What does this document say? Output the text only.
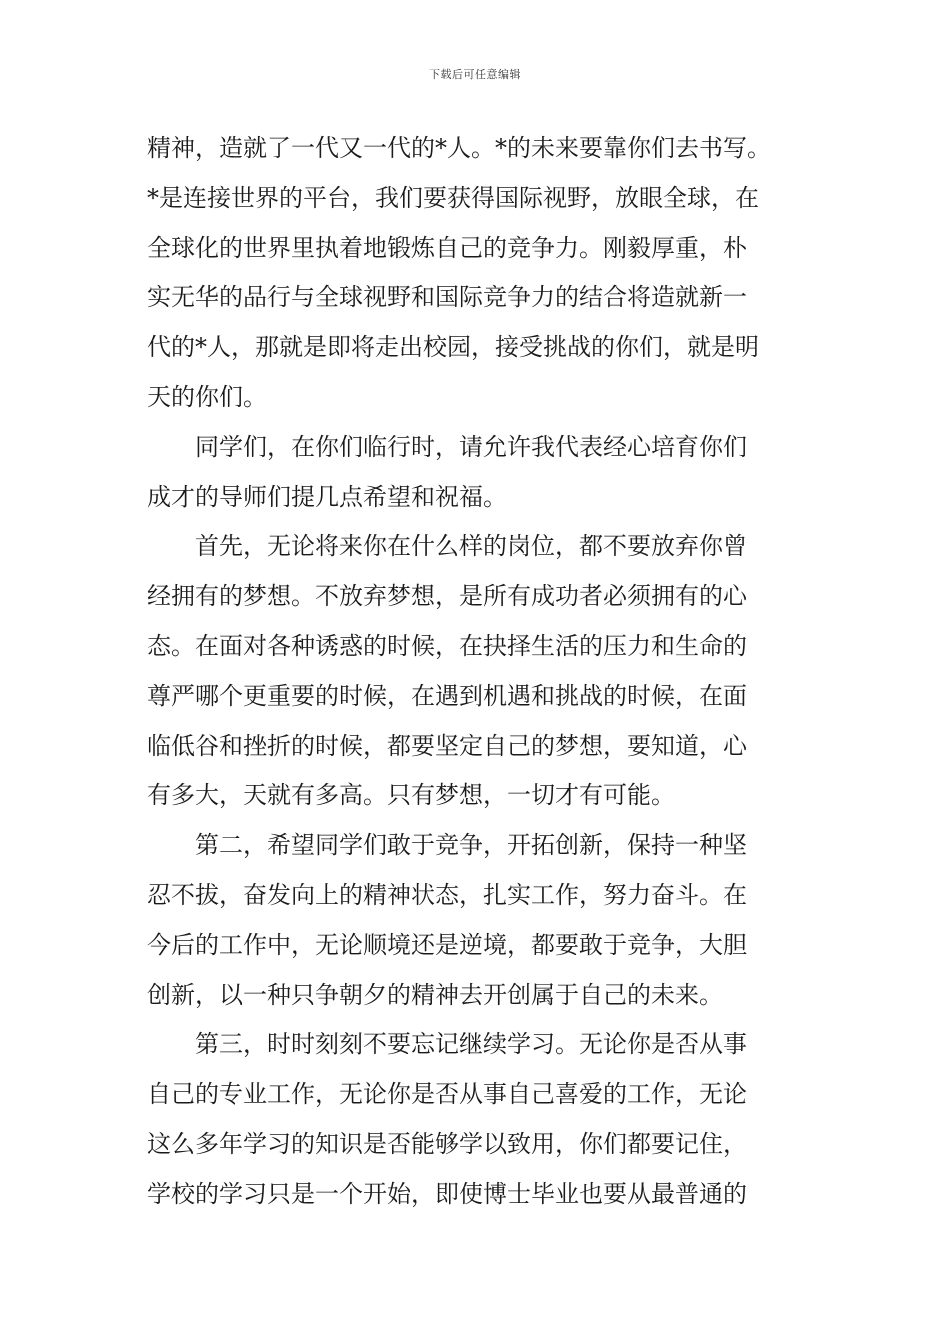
下载后可任意编辑
精神，造就了一代又一代的*人。*的未来要靠你们去书写。
*是连接世界的平台，我们要获得国际视野，放眼全球，在
全球化的世界里执着地锻炼自己的竞争力。刚毅厚重，朴
实无华的品行与全球视野和国际竞争力的结合将造就新一
代的*人，那就是即将走出校园，接受挑战的你们，就是明
天的你们。
同学们，在你们临行时，请允许我代表经心培育你们
成才的导师们提几点希望和祝福。
首先，无论将来你在什么样的岗位，都不要放弃你曾
经拥有的梦想。不放弃梦想，是所有成功者必须拥有的心
态。在面对各种诱惑的时候，在抉择生活的压力和生命的
尊严哪个更重要的时候，在遇到机遇和挑战的时候，在面
临低谷和挫折的时候，都要坚定自己的梦想，要知道，心
有多大，天就有多高。只有梦想，一切才有可能。
第二，希望同学们敢于竞争，开拓创新，保持一种坚
忍不拔，奋发向上的精神状态，扎实工作，努力奋斗。在
今后的工作中，无论顺境还是逆境，都要敢于竞争，大胆
创新，以一种只争朝夕的精神去开创属于自己的未来。
第三，时时刻刻不要忘记继续学习。无论你是否从事
自己的专业工作，无论你是否从事自己喜爱的工作，无论
这么多年学习的知识是否能够学以致用，你们都要记住，
学校的学习只是一个开始，即使博士毕业也要从最普通的
